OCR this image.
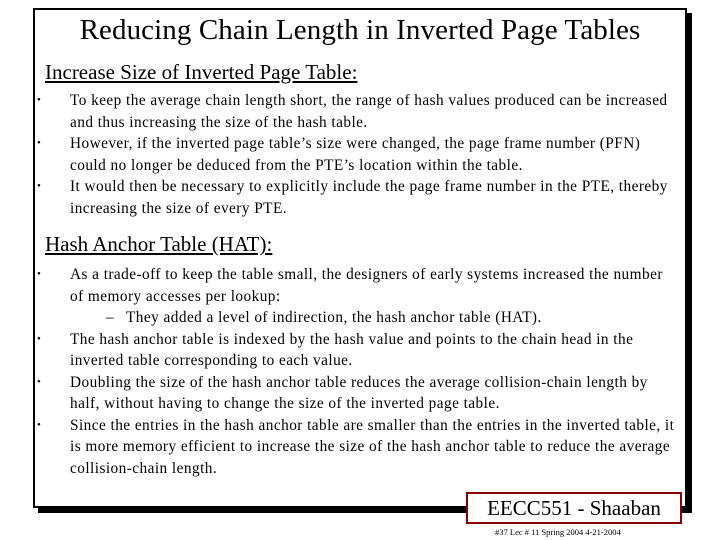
Reducing Chain Length in Inverted Page Tables
Increase Size of Inverted Page Table:
•	To keep the average chain length short, the range of hash values produced can be increased and thus increasing the size of the hash table.
•	However, if the inverted page table’s size were changed, the page frame number (PFN) could no longer be deduced from the PTE’s location within the table.
•	It would then be necessary to explicitly include the page frame number in the PTE, thereby increasing the size of every PTE.
Hash Anchor Table (HAT):
•	As a trade-off to keep the table small, the designers of early systems increased the number of memory accesses per lookup:
– They added a level of indirection, the hash anchor table (HAT).
•	The hash anchor table is indexed by the hash value and points to the chain head in the inverted table corresponding to each value.
•	Doubling the size of the hash anchor table reduces the average collision-chain length by half, without having to change the size of the inverted page table.
•	Since the entries in the hash anchor table are smaller than the entries in the inverted table, it is more memory efficient to increase the size of the hash anchor table to reduce the average collision-chain length.
EECC551 - Shaaban
#37 Lec # 11 Spring 2004 4-21-2004
